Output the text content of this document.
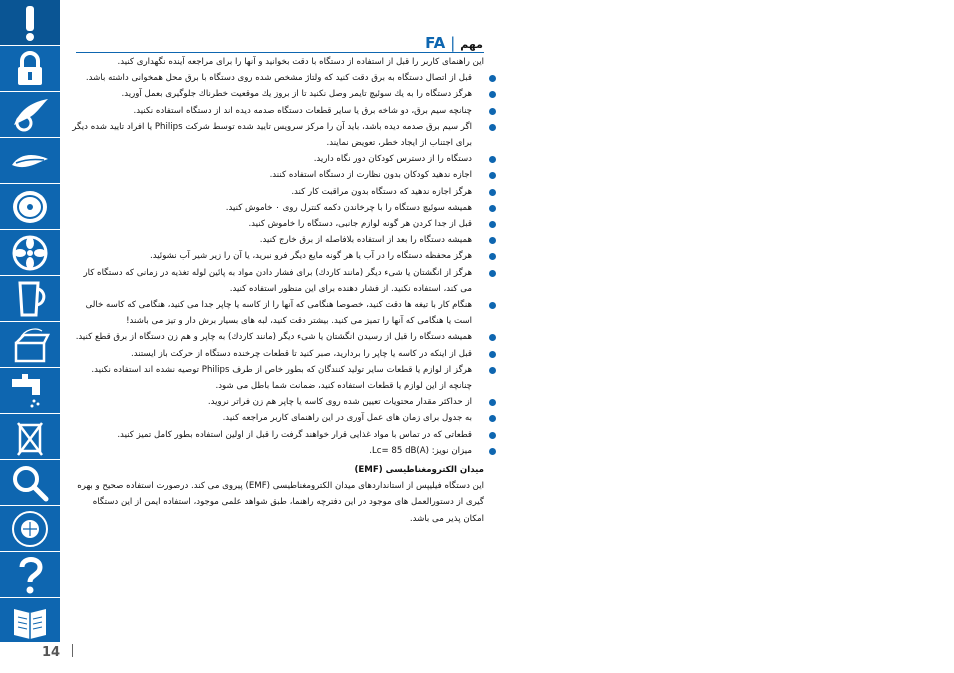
14
مهم
|
FA
این راهنمای کاربر را قبل از استفاده از دستگاه با دقت بخوانید و آنها را برای مراجعه آینده نگهداری کنید.
قبل از اتصال دستگاه به برق دقت کنید که ولتاژ مشخص شده روی دستگاه با برق محل همخوانی داشته باشد.
هرگز دستگاه را به یك سوئیچ تایمر وصل نکنید تا از بروز یك موقعیت خطرناك جلوگیری بعمل آورید.
چنانچه سیم برق، دو شاخه برق یا سایر قطعات دستگاه صدمه دیده اند از دستگاه استفاده نکنید.
اگر سیم برق صدمه دیده باشد، باید آن را مرکز سرویس تایید شده توسط شرکت Philips یا افراد تایید شده دیگر برای اجتناب از ایجاد خطر، تعویض نمایند.
دستگاه را از دسترس کودکان دور نگاه دارید.
اجازه ندهید کودکان بدون نظارت از دستگاه استفاده کنند.
هرگز اجازه ندهید که دستگاه بدون مراقبت کار کند.
همیشه سوئیچ دستگاه را با چرخاندن دکمه کنترل روی ۰ خاموش کنید.
قبل از جدا کردن هر گونه لوازم جانبی، دستگاه را خاموش کنید.
همیشه دستگاه را بعد از استفاده بلافاصله از برق خارج کنید.
هرگز محفظه دستگاه را در آب یا هر گونه مایع دیگر فرو نبرید، یا آن را زیر شیر آب نشوئید.
هرگز از انگشتان یا شیء دیگر (مانند کاردك) برای فشار دادن مواد به پائین لوله تغذیه در زمانی که دستگاه کار می کند، استفاده نکنید. از فشار دهنده برای این منظور استفاده کنید.
هنگام کار با تیغه ها دقت کنید، خصوصا هنگامی که آنها را از کاسه یا چاپر جدا می کنید، هنگامی که کاسه خالی است یا هنگامی که آنها را تمیز می کنید. بیشتر دقت کنید، لبه های بسیار برش دار و تیز می باشند!
همیشه دستگاه را قبل از رسیدن انگشتان یا شیء دیگر (مانند کاردك) به چاپر و هم زن دستگاه از برق قطع کنید.
قبل از اینکه در کاسه یا چاپر را بردارید، صبر کنید تا قطعات چرخنده دستگاه از حرکت باز ایستند.
هرگز از لوازم یا قطعات سایر تولید کنندگان که بطور خاص از طرف Philips توصیه نشده اند استفاده نکنید. چنانچه از این لوازم یا قطعات استفاده کنید، ضمانت شما باطل می شود.
از حداکثر مقدار محتویات تعیین شده روی کاسه یا چاپر هم زن فراتر نروید.
به جدول برای زمان های عمل آوری در این راهنمای کاربر مراجعه کنید.
قطعاتی که در تماس با مواد غذایی قرار خواهند گرفت را قبل از اولین استفاده بطور کامل تمیز کنید.
میزان نویز: Lc= 85 dB(A).
میدان الکترومغناطیسی (EMF)
این دستگاه فیلیپس از استانداردهای میدان الکترومغناطیسی (EMF) پیروی می کند. درصورت استفاده صحیح و بهره گیری از دستورالعمل های موجود در این دفترچه راهنما، طبق شواهد علمی موجود، استفاده ایمن از این دستگاه امکان پذیر می باشد.
